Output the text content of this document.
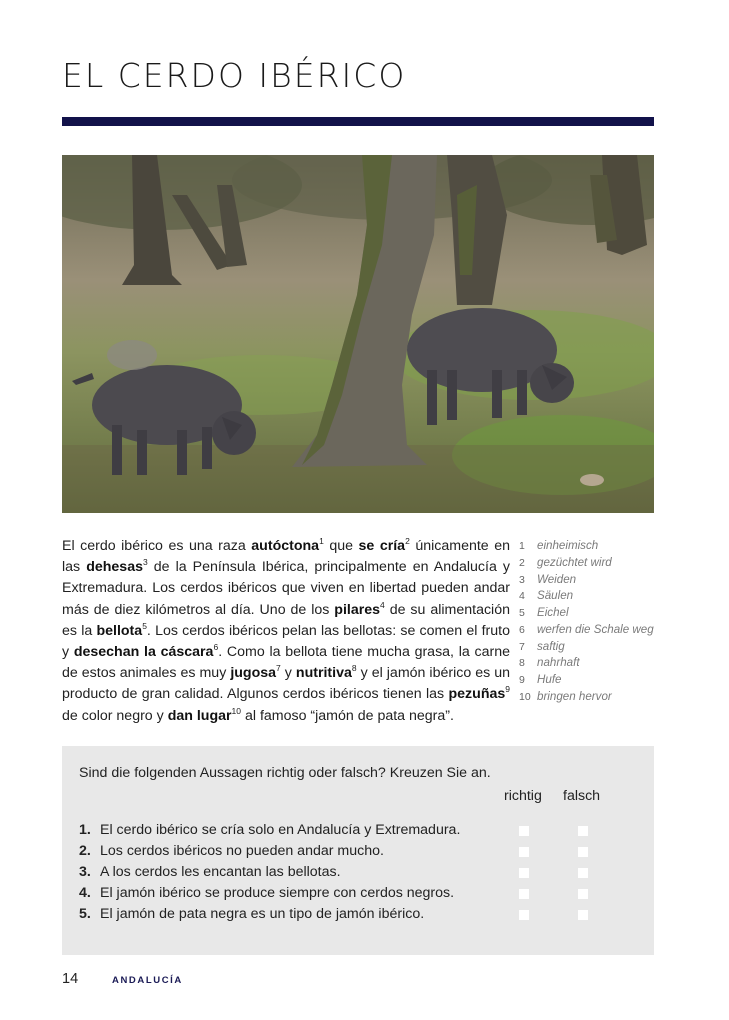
EL CERDO IBÉRICO

El cerdo ibérico es una raza autóctona$^1$ que se cría$^2$ únicamente en las dehesas$^3$ de la Península Ibérica, principalmente en Andalucía y Extremadura. Los cerdos ibéricos que viven en libertad pueden andar más de diez kilómetros al día. Uno de los pilares$^4$ de su alimentación es la bellota$^5$. Los cerdos ibéricos pelan las bellotas: se comen el fruto y desechan la cáscara$^6$. Como la bellota tiene mucha grasa, la carne de estos animales es muy jugosa$^7$ y nutritiva$^8$ y el jamón ibérico es un producto de gran calidad. Algunos cerdos ibéricos tienen las pezuñas$^9$ de color negro y dan lugar$^{10}$ al famoso “jamón de pata negra”.

1 einheimisch
2 gezüchtet wird
3 Weiden
4 Säulen
5 Eichel
6 werfen die Schale weg
7 saftig
8 nahrhaft
9 Hufe
10 bringen hervor
Sind die folgenden Aussagen richtig oder falsch? Kreuzen Sie an.
richtig falsch
1. El cerdo ibérico se cría solo en Andalucía y Extremadura.
2. Los cerdos ibéricos no pueden andar mucho.
3. A los cerdos les encantan las bellotas.
4. El jamón ibérico se produce siempre con cerdos negros.
5. El jamón de pata negra es un tipo de jamón ibérico.
14	ANDALUCÍA
